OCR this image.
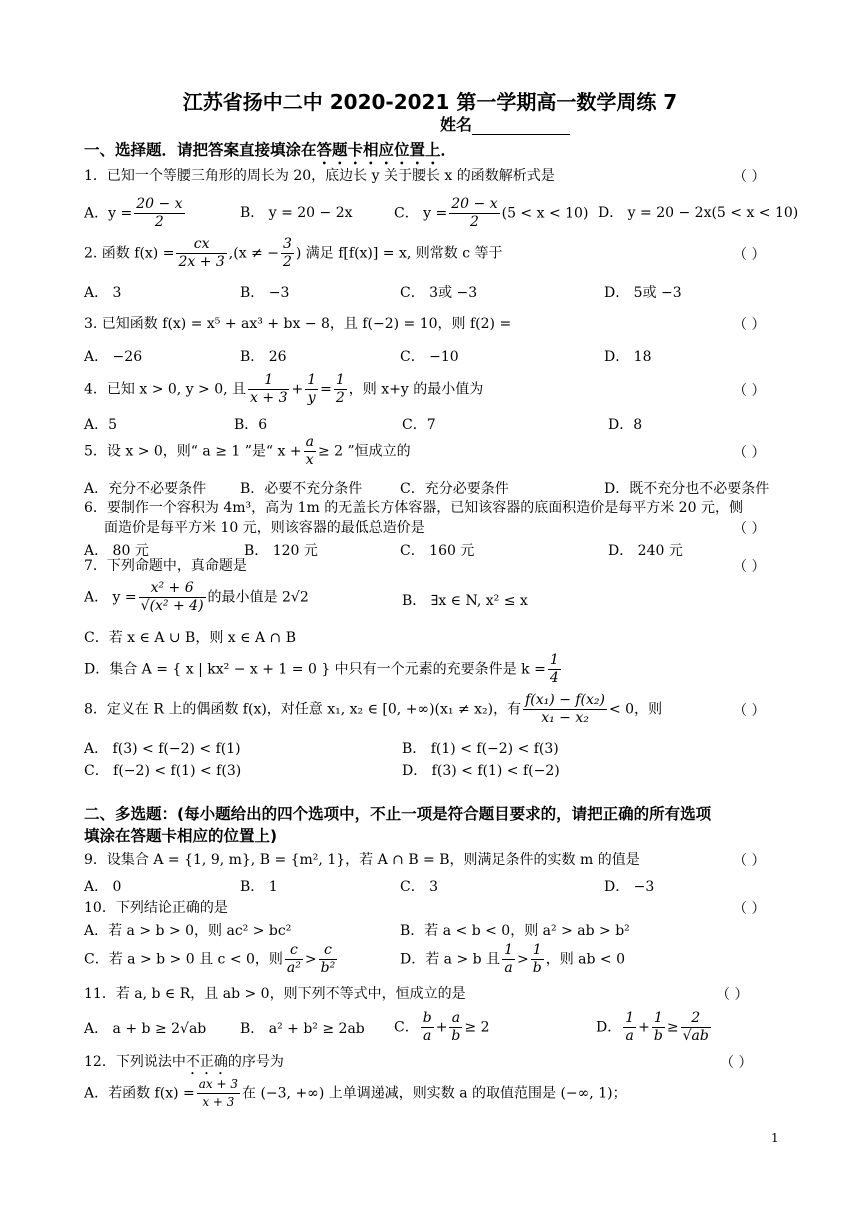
江苏省扬中二中 2020-2021 第一学期高一数学周练 7
姓名
一、选择题．请把答案直接填涂在答题卡相应位置上．
1．已知一个等腰三角形的周长为 20，底边长 y 关于腰长 x 的函数解析式是	（ ）
A．$y = \frac{20 - x}{2}$	B． y = 20 − 2x	C． $y = \frac{20 - x}{2} (5 < x < 10)$ D． y = 20 − 2x(5 < x < 10)
2. 函数 $f(x) = \frac{cx}{2x + 3} ,(x$ ≠ − $\frac{3}{2}$ ) 满足 f[f(x)] = x, 则常数 c 等于	（ ）
A． 3	B． −3	C． 3或 −3	D． 5或 −3
3. 已知函数 f(x) = x⁵ + ax³ + bx − 8，且 f(−2) = 10，则 f(2) =	（ ）
A． −26	B． 26	C． −10	D． 18
4．已知 x > 0, y > 0, 且 $\frac{1}{x + 3} + \frac{1}{y} = \frac{1}{2}$ ，则 x+y 的最小值为	（ ）
A．5	B．6	C．7	D．8
5．设 x > 0，则“ a ≥ 1 ”是“ $x + \frac{a}{x} \ge 2$ ”恒成立的	（ ）
A．充分不必要条件 B．必要不充分条件	C．充分必要条件	D．既不充分也不必要条件
6．要制作一个容积为 4m³，高为 1m 的无盖长方体容器，已知该容器的底面积造价是每平方米 20 元，侧
面造价是每平方米 10 元，则该容器的最低总造价是	（ ）
A． 80 元	B． 120 元	C． 160 元	D． 240 元
7．下列命题中，真命题是	（ ）
A． $y = \frac{\text{x² + 6}}{\text{√(x² + 4)}}$ 的最小值是 2√2	B． ∃x ∈ N, x² ≤ x
C．若 x ∈ A ∪ B，则 x ∈ A ∩ B
D．集合 A = { x | kx² − x + 1 = 0 } 中只有一个元素的充要条件是 $k = \frac{1}{4}$
8．定义在 R 上的偶函数 f(x)，对任意 x₁, x₂ ∈ [0, +∞)(x₁ ≠ x₂)，有 $\frac{\text{f(x₁) − f(x₂)}}{\text{x₁ − x₂}} < 0$，则	（ ）
A． f(3) < f(−2) < f(1)	B． f(1) < f(−2) < f(3)
C． f(−2) < f(1) < f(3)	D． f(3) < f(1) < f(−2)
二、多选题：(每小题给出的四个选项中，不止一项是符合题目要求的，请把正确的所有选项
填涂在答题卡相应的位置上)
9．设集合 A = {1, 9, m}, B = {m², 1}，若 A ∩ B = B，则满足条件的实数 m 的值是	（ ）
A． 0	B． 1	C． 3	D． −3
10．下列结论正确的是	（ ）
A．若 a > b > 0，则 ac² > bc²	B．若 a < b < 0，则 a² > ab > b²
C．若 a > b > 0 且 c < 0，则 $\frac{c}{\text{a²}} > \frac{c}{\text{b²}}$	D．若 a > b 且 $\frac{1}{a} > \frac{1}{b}$ ，则 ab < 0
11．若 a, b ∈ R，且 ab > 0，则下列不等式中，恒成立的是	（ ）
A． a + b ≥ 2√ab B． a² + b² ≥ 2ab C． $\frac{b}{a} + \frac{a}{b} \ge 2$	D． $\frac{1}{a} + \frac{1}{b} \ge \frac{2}{√ab}$
12．下列说法中不正确的序号为	（ ）
A．若函数 $f(x) = \frac{ax + 3}{x + 3}$ 在 (−3, +∞) 上单调递减，则实数 a 的取值范围是 (−∞, 1)；
1
